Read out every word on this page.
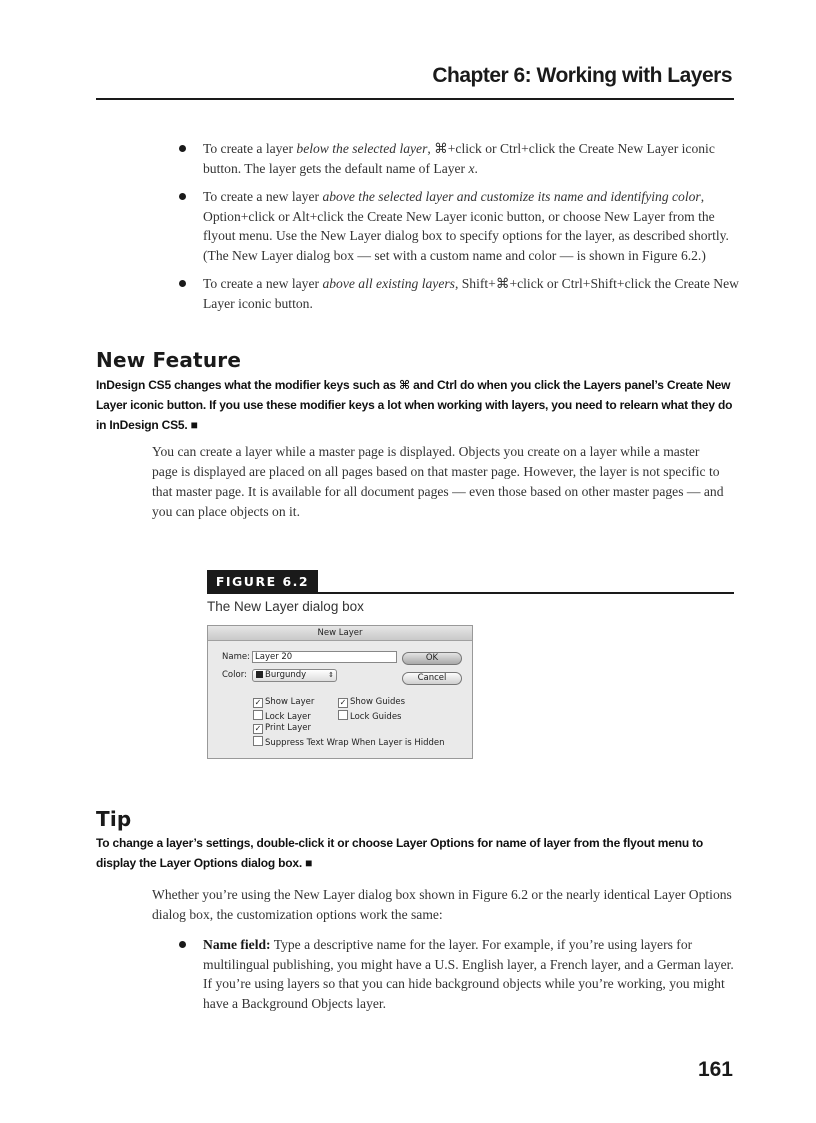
Chapter 6: Working with Layers
To create a layer below the selected layer, ⌘+click or Ctrl+click the Create New Layer iconic button. The layer gets the default name of Layer x.
To create a new layer above the selected layer and customize its name and identifying color, Option+click or Alt+click the Create New Layer iconic button, or choose New Layer from the flyout menu. Use the New Layer dialog box to specify options for the layer, as described shortly. (The New Layer dialog box — set with a custom name and color — is shown in Figure 6.2.)
To create a new layer above all existing layers, Shift+⌘+click or Ctrl+Shift+click the Create New Layer iconic button.
New Feature
InDesign CS5 changes what the modifier keys such as ⌘ and Ctrl do when you click the Layers panel’s Create New Layer iconic button. If you use these modifier keys a lot when working with layers, you need to relearn what they do in InDesign CS5. ■
You can create a layer while a master page is displayed. Objects you create on a layer while a master page is displayed are placed on all pages based on that master page. However, the layer is not specific to that master page. It is available for all document pages — even those based on other master pages — and you can place objects on it.
FIGURE 6.2
The New Layer dialog box
New Layer
Name: Layer 20
Color:	Burgundy	⇕
OK
Cancel
✓ Show Layer	✓ Show Guides
Lock Layer	Lock Guides
✓ Print Layer
Suppress Text Wrap When Layer is Hidden
Tip
To change a layer’s settings, double-click it or choose Layer Options for name of layer from the flyout menu to display the Layer Options dialog box. ■
Whether you’re using the New Layer dialog box shown in Figure 6.2 or the nearly identical Layer Options dialog box, the customization options work the same:
Name field: Type a descriptive name for the layer. For example, if you’re using layers for multilingual publishing, you might have a U.S. English layer, a French layer, and a German layer. If you’re using layers so that you can hide background objects while you’re working, you might have a Background Objects layer.
161
